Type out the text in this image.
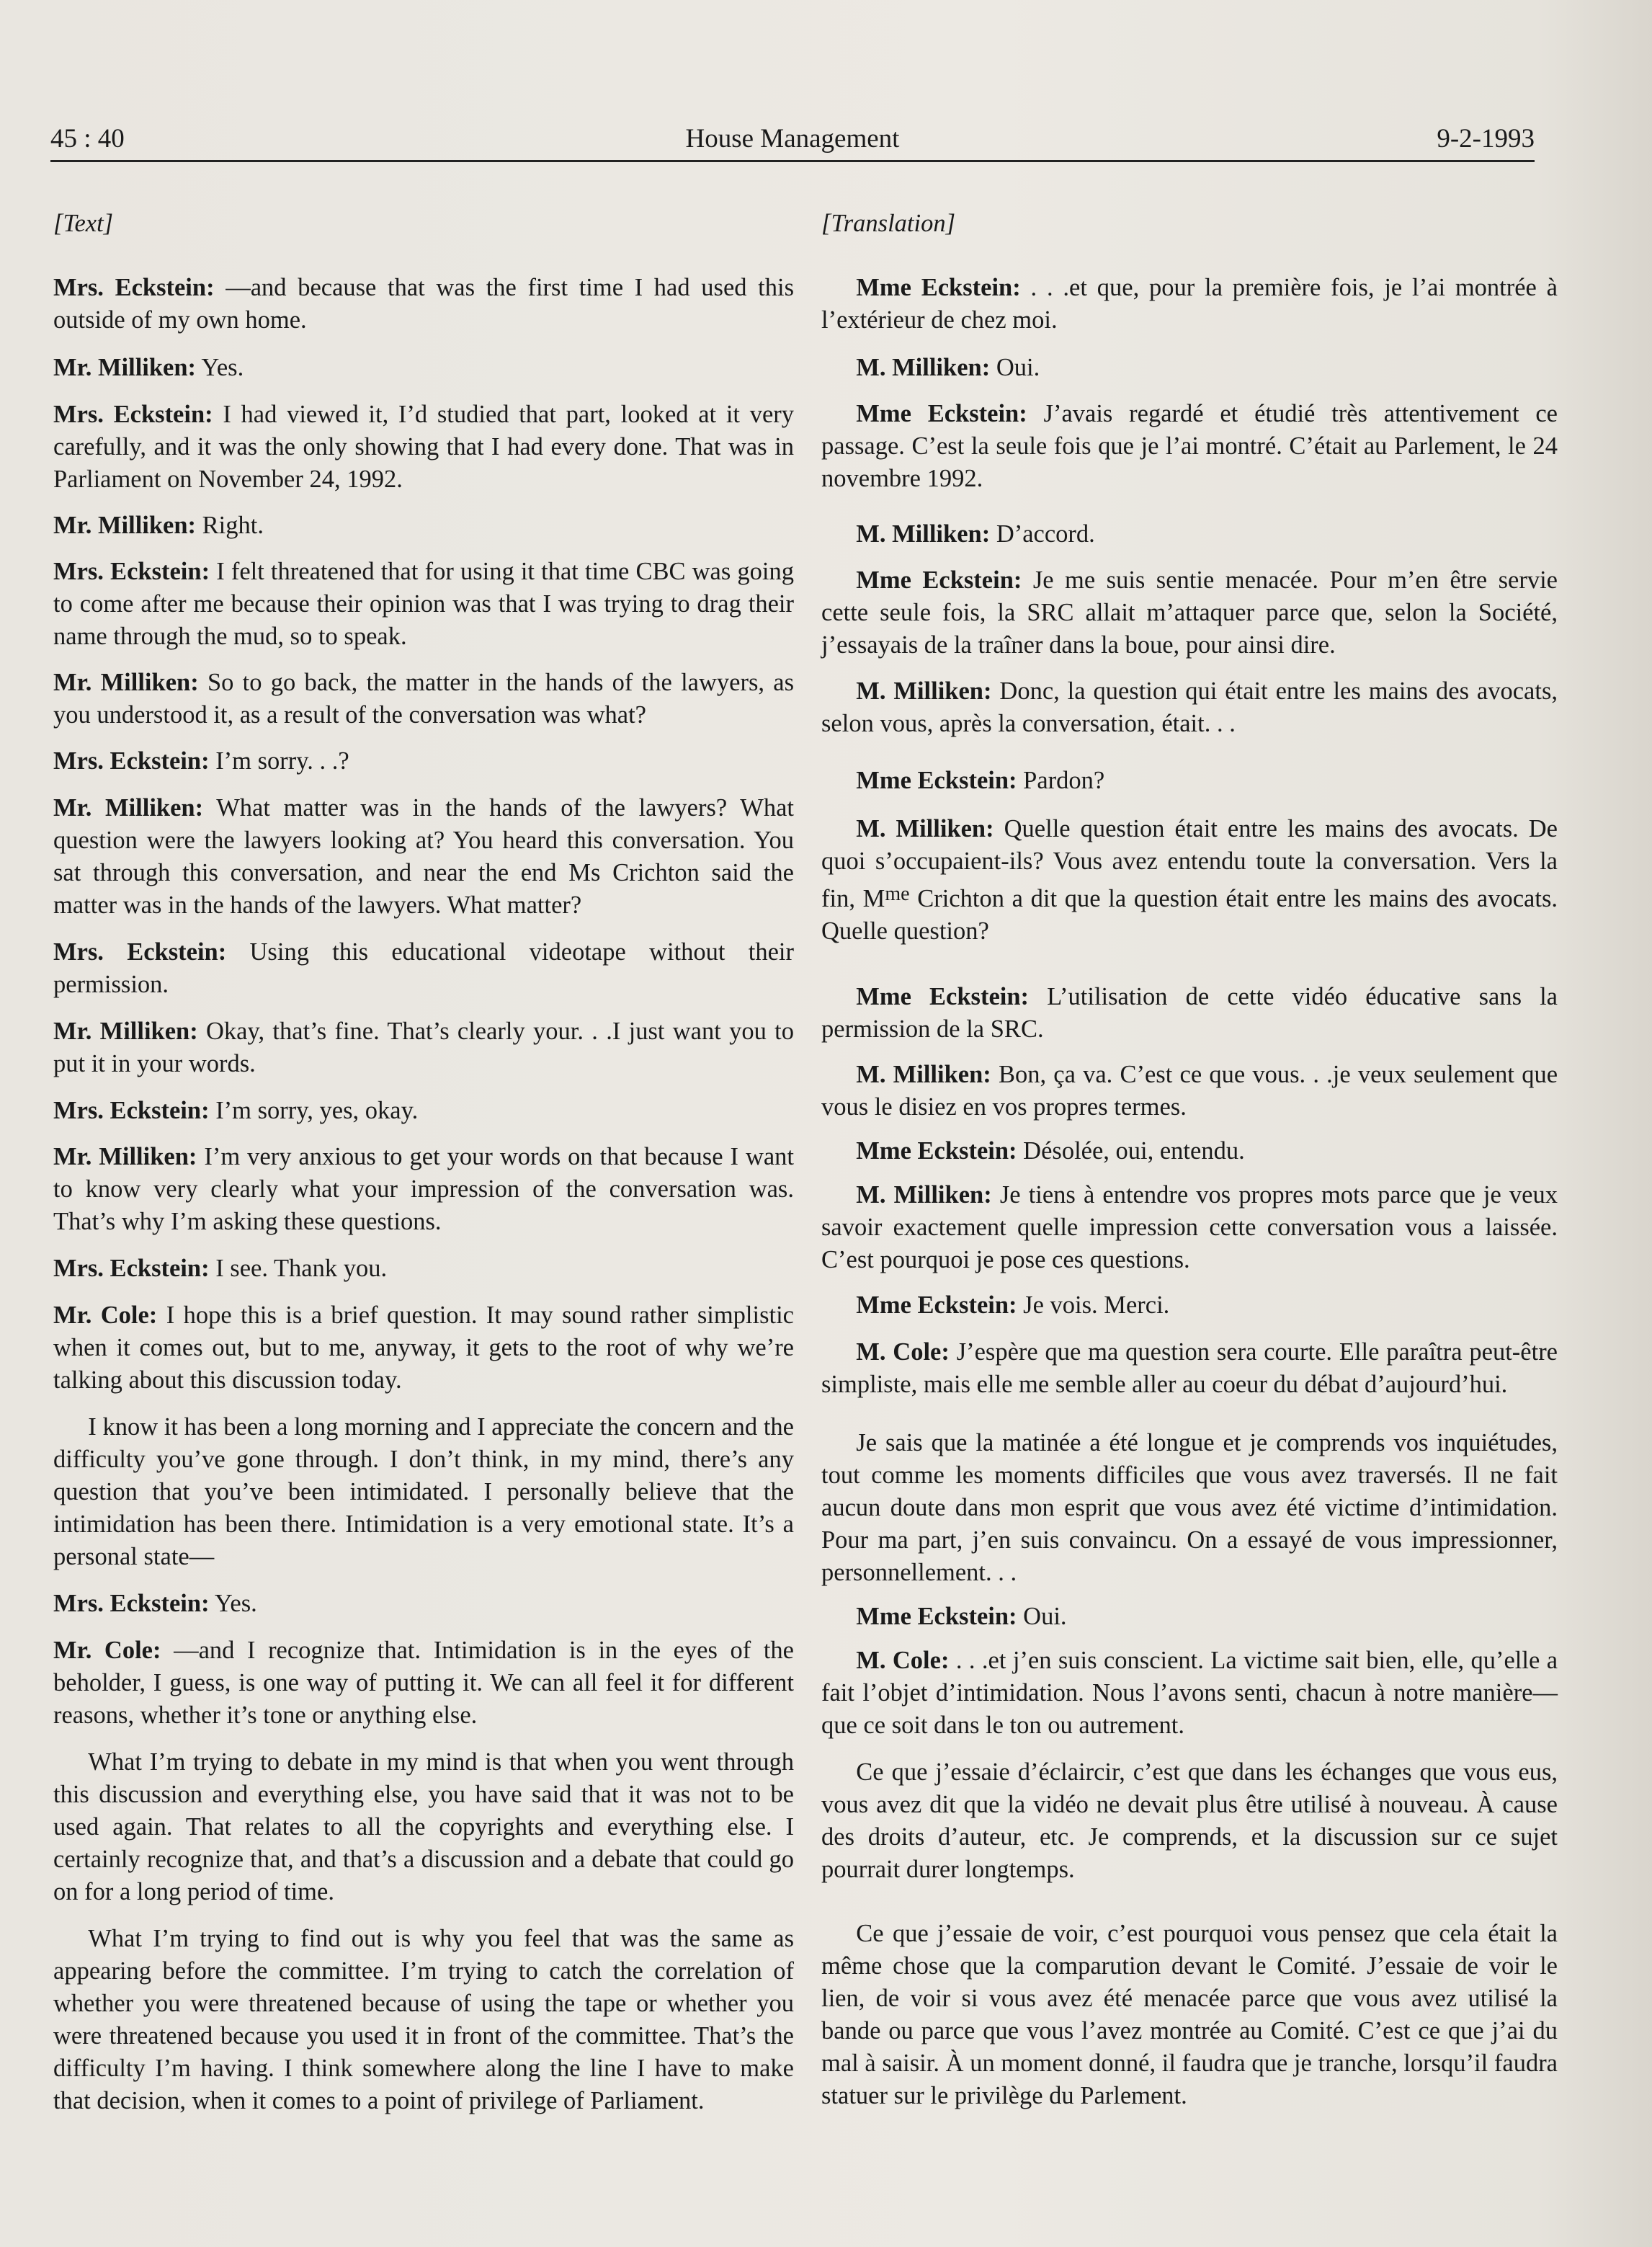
45 : 40	House Management	9-2-1993
[Text]

Mrs. Eckstein: —and because that was the first time I had used this outside of my own home.

Mr. Milliken: Yes.

Mrs. Eckstein: I had viewed it, I’d studied that part, looked at it very carefully, and it was the only showing that I had every done. That was in Parliament on November 24, 1992.

Mr. Milliken: Right.

Mrs. Eckstein: I felt threatened that for using it that time CBC was going to come after me because their opinion was that I was trying to drag their name through the mud, so to speak.

Mr. Milliken: So to go back, the matter in the hands of the lawyers, as you understood it, as a result of the conversation was what?

Mrs. Eckstein: I’m sorry. . .?

Mr. Milliken: What matter was in the hands of the lawyers? What question were the lawyers looking at? You heard this conversation. You sat through this conversation, and near the end Ms Crichton said the matter was in the hands of the lawyers. What matter?

Mrs. Eckstein: Using this educational videotape without their permission.

Mr. Milliken: Okay, that’s fine. That’s clearly your. . .I just want you to put it in your words.

Mrs. Eckstein: I’m sorry, yes, okay.

Mr. Milliken: I’m very anxious to get your words on that because I want to know very clearly what your impression of the conversation was. That’s why I’m asking these questions.

Mrs. Eckstein: I see. Thank you.

Mr. Cole: I hope this is a brief question. It may sound rather simplistic when it comes out, but to me, anyway, it gets to the root of why we’re talking about this discussion today.

I know it has been a long morning and I appreciate the concern and the difficulty you’ve gone through. I don’t think, in my mind, there’s any question that you’ve been intimidated. I personally believe that the intimidation has been there. Intimidation is a very emotional state. It’s a personal state—

Mrs. Eckstein: Yes.

Mr. Cole: —and I recognize that. Intimidation is in the eyes of the beholder, I guess, is one way of putting it. We can all feel it for different reasons, whether it’s tone or anything else.

What I’m trying to debate in my mind is that when you went through this discussion and everything else, you have said that it was not to be used again. That relates to all the copyrights and everything else. I certainly recognize that, and that’s a discussion and a debate that could go on for a long period of time.

What I’m trying to find out is why you feel that was the same as appearing before the committee. I’m trying to catch the correlation of whether you were threatened because of using the tape or whether you were threatened because you used it in front of the committee. That’s the difficulty I’m having. I think somewhere along the line I have to make that decision, when it comes to a point of privilege of Parliament.

[Translation]

Mme Eckstein: . . .et que, pour la première fois, je l’ai montrée à l’extérieur de chez moi.

M. Milliken: Oui.

Mme Eckstein: J’avais regardé et étudié très attentivement ce passage. C’est la seule fois que je l’ai montré. C’était au Parlement, le 24 novembre 1992.

M. Milliken: D’accord.

Mme Eckstein: Je me suis sentie menacée. Pour m’en être servie cette seule fois, la SRC allait m’attaquer parce que, selon la Société, j’essayais de la traîner dans la boue, pour ainsi dire.

M. Milliken: Donc, la question qui était entre les mains des avocats, selon vous, après la conversation, était. . .

Mme Eckstein: Pardon?

M. Milliken: Quelle question était entre les mains des avocats. De quoi s’occupaient-ils? Vous avez entendu toute la conversation. Vers la fin, $M^{me}$ Crichton a dit que la question était entre les mains des avocats. Quelle question?

Mme Eckstein: L’utilisation de cette vidéo éducative sans la permission de la SRC.

M. Milliken: Bon, ça va. C’est ce que vous. . .je veux seulement que vous le disiez en vos propres termes.

Mme Eckstein: Désolée, oui, entendu.

M. Milliken: Je tiens à entendre vos propres mots parce que je veux savoir exactement quelle impression cette conversation vous a laissée. C’est pourquoi je pose ces questions.

Mme Eckstein: Je vois. Merci.

M. Cole: J’espère que ma question sera courte. Elle paraîtra peut-être simpliste, mais elle me semble aller au coeur du débat d’aujourd’hui.

Je sais que la matinée a été longue et je comprends vos inquiétudes, tout comme les moments difficiles que vous avez traversés. Il ne fait aucun doute dans mon esprit que vous avez été victime d’intimidation. Pour ma part, j’en suis convaincu. On a essayé de vous impressionner, personnellement. . .

Mme Eckstein: Oui.

M. Cole: . . .et j’en suis conscient. La victime sait bien, elle, qu’elle a fait l’objet d’intimidation. Nous l’avons senti, chacun à notre manière—que ce soit dans le ton ou autrement.

Ce que j’essaie d’éclaircir, c’est que dans les échanges que vous eus, vous avez dit que la vidéo ne devait plus être utilisé à nouveau. À cause des droits d’auteur, etc. Je comprends, et la discussion sur ce sujet pourrait durer longtemps.

Ce que j’essaie de voir, c’est pourquoi vous pensez que cela était la même chose que la comparution devant le Comité. J’essaie de voir le lien, de voir si vous avez été menacée parce que vous avez utilisé la bande ou parce que vous l’avez montrée au Comité. C’est ce que j’ai du mal à saisir. À un moment donné, il faudra que je tranche, lorsqu’il faudra statuer sur le privilège du Parlement.
